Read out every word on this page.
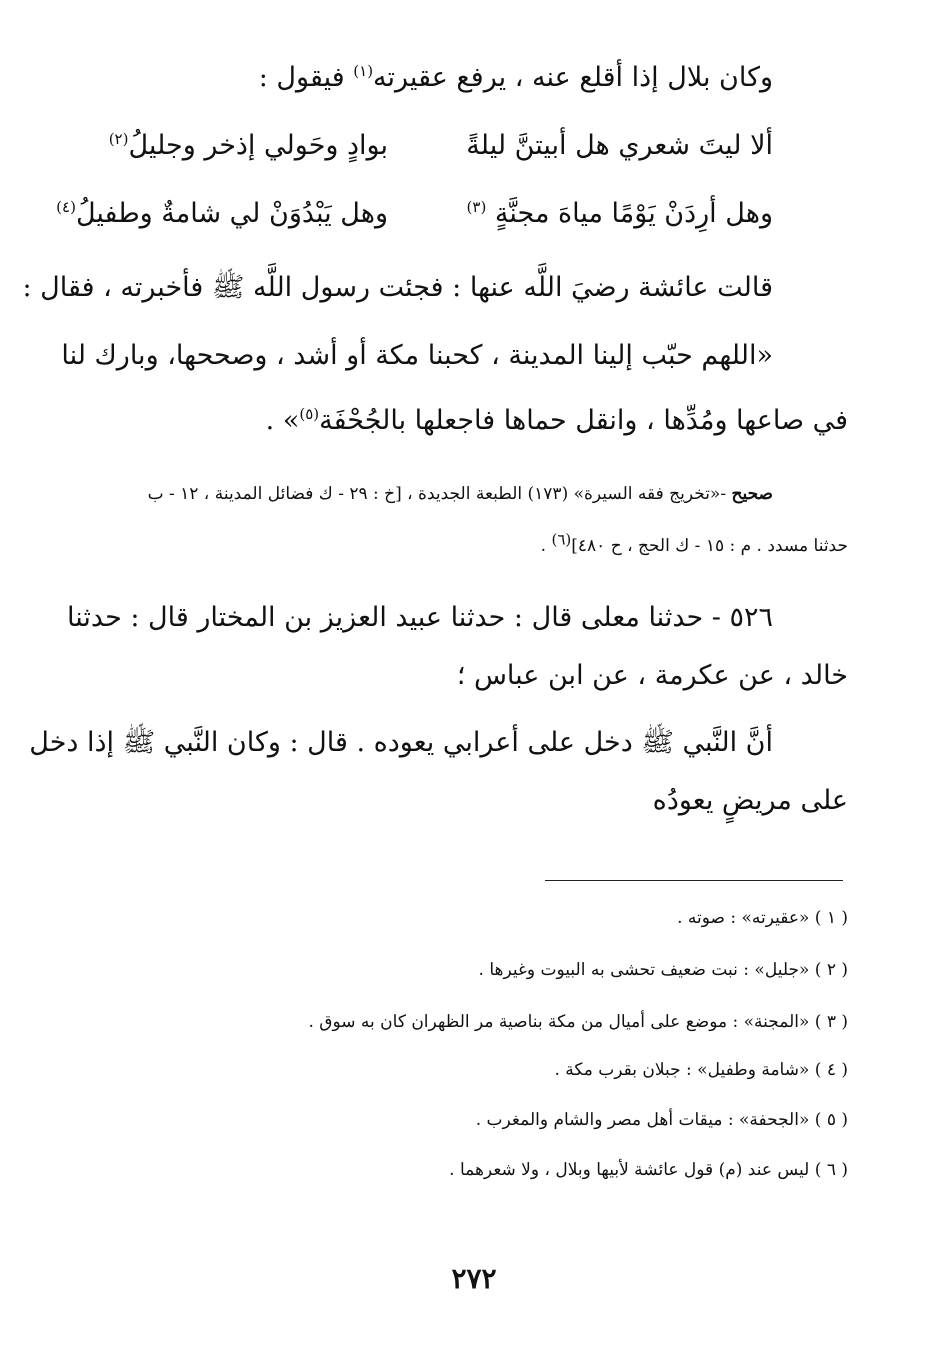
وكان بلال إذا أقلع عنه ، يرفع عقيرته$^{(١)}$ فيقول :
ألا ليتَ شعري هل أبيتنَّ ليلةً
بوادٍ وحَولي إذخر وجليلُ$^{(٢)}$
وهل أرِدَنْ يَوْمًا مياهَ مجنَّةٍ $^{(٣)}$
وهل يَبْدُوَنْ لي شامةٌ وطفيلُ$^{(٤)}$
قالت عائشة رضيَ اللَّه عنها : فجئت رسول اللَّه ﷺ فأخبرته ، فقال :
«اللهم حبّب إلينا المدينة ، كحبنا مكة أو أشد ، وصححها، وبارك لنا
في صاعها ومُدِّها ، وانقل حماها فاجعلها بالجُحْفَة$^{(٥)}$» .
صحيح -«تخريج فقه السيرة» (١٧٣) الطبعة الجديدة ، [خ : ٢٩ - ك فضائل المدينة ، ١٢ - ب
حدثنا مسدد . م : ١٥ - ك الحج ، ح ٤٨٠](٦) .
٥٢٦ - حدثنا معلى قال : حدثنا عبيد العزيز بن المختار قال : حدثنا
خالد ، عن عكرمة ، عن ابن عباس ؛
أنَّ النَّبي ﷺ دخل على أعرابي يعوده . قال : وكان النَّبي ﷺ إذا دخل
على مريضٍ يعودُه
( ١ ) «عقيرته» : صوته .
( ٢ ) «جليل» : نبت ضعيف تحشى به البيوت وغيرها .
( ٣ ) «المجنة» : موضع على أميال من مكة بناصية مر الظهران كان به سوق .
( ٤ ) «شامة وطفيل» : جبلان بقرب مكة .
( ٥ ) «الجحفة» : ميقات أهل مصر والشام والمغرب .
( ٦ ) ليس عند (م) قول عائشة لأبيها وبلال ، ولا شعرهما .
٢٧٢
